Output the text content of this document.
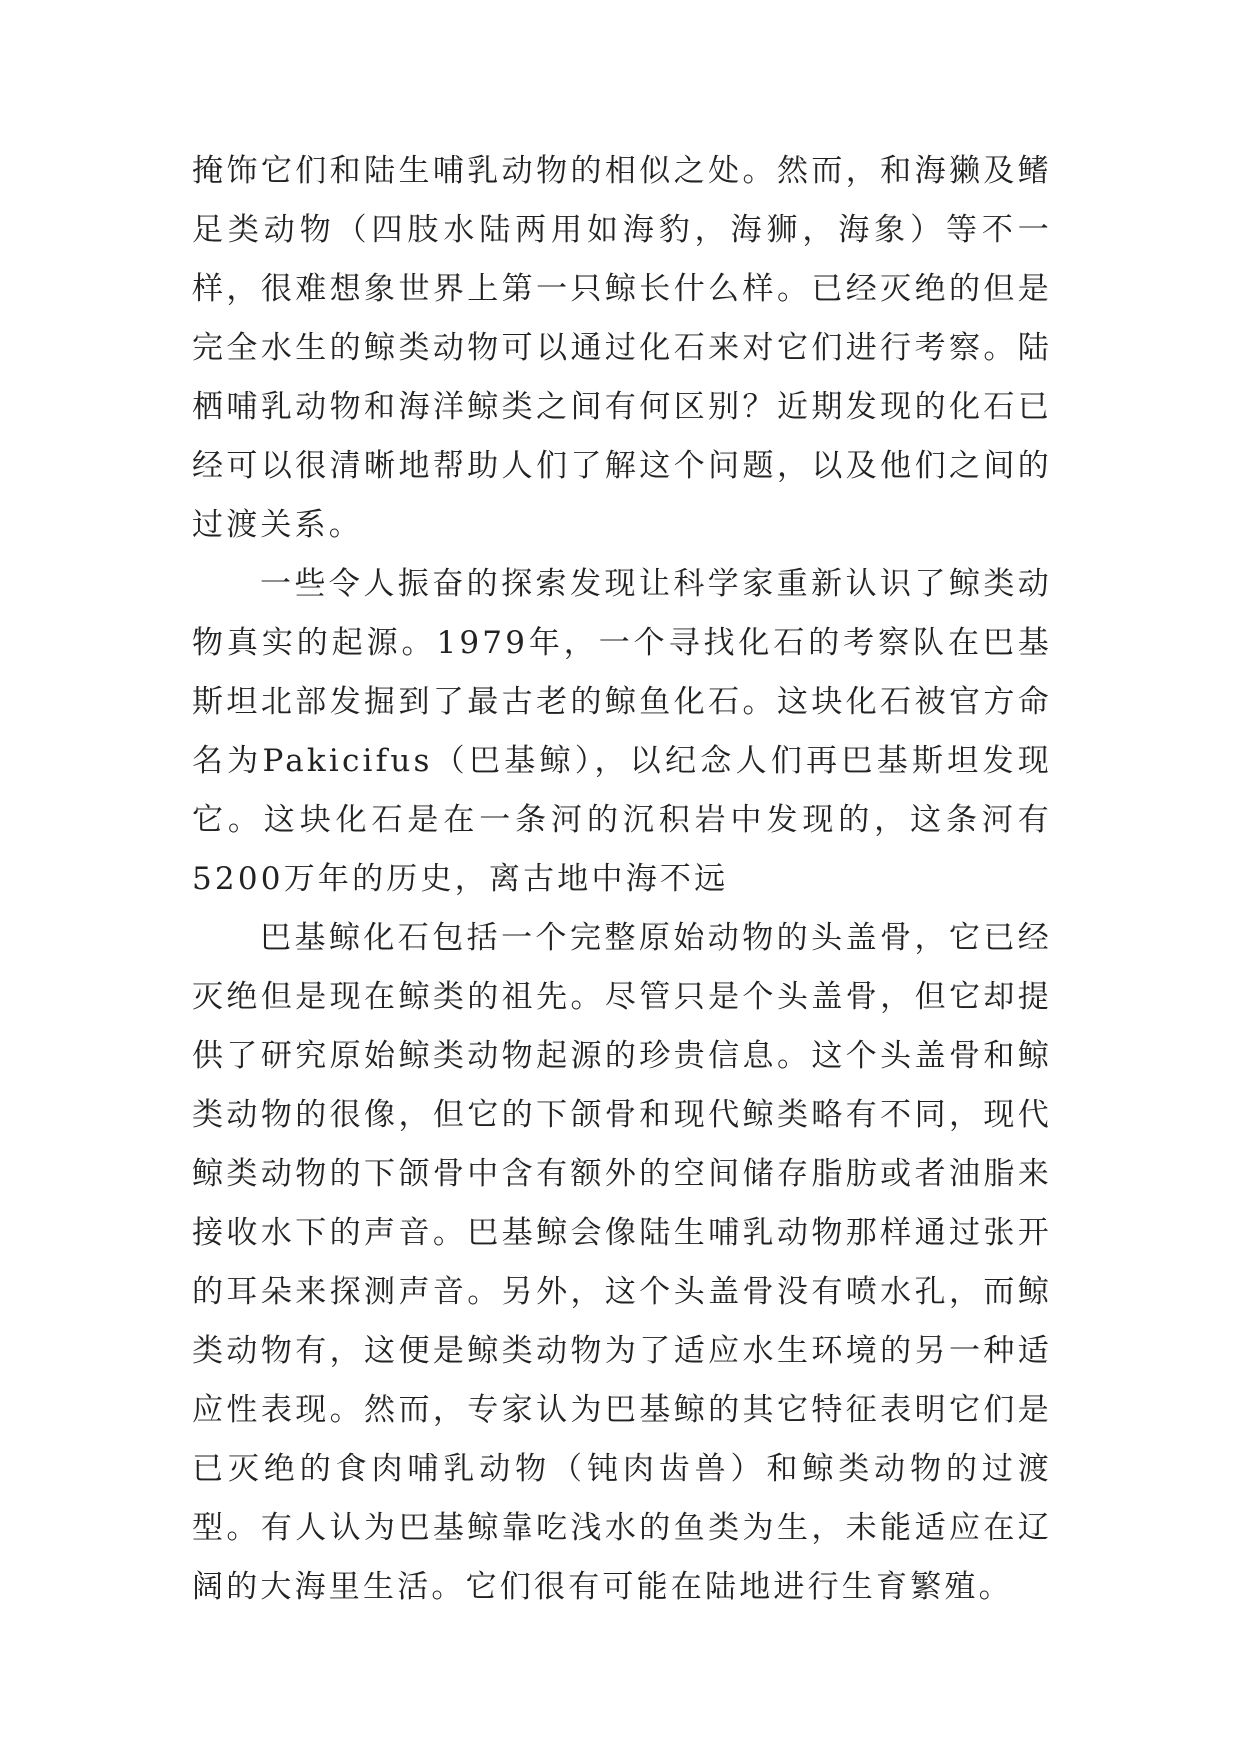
掩饰它们和陆生哺乳动物的相似之处。然而，和海獭及鳍足类动物（四肢水陆两用如海豹，海狮，海象）等不一样，很难想象世界上第一只鲸长什么样。已经灭绝的但是完全水生的鲸类动物可以通过化石来对它们进行考察。陆栖哺乳动物和海洋鲸类之间有何区别？近期发现的化石已经可以很清晰地帮助人们了解这个问题，以及他们之间的过渡关系。

一些令人振奋的探索发现让科学家重新认识了鲸类动物真实的起源。1979年，一个寻找化石的考察队在巴基斯坦北部发掘到了最古老的鲸鱼化石。这块化石被官方命名为Pakicifus（巴基鲸），以纪念人们再巴基斯坦发现它。这块化石是在一条河的沉积岩中发现的，这条河有5200万年的历史，离古地中海不远

巴基鲸化石包括一个完整原始动物的头盖骨，它已经灭绝但是现在鲸类的祖先。尽管只是个头盖骨，但它却提供了研究原始鲸类动物起源的珍贵信息。这个头盖骨和鲸类动物的很像，但它的下颌骨和现代鲸类略有不同，现代鲸类动物的下颌骨中含有额外的空间储存脂肪或者油脂来接收水下的声音。巴基鲸会像陆生哺乳动物那样通过张开的耳朵来探测声音。另外，这个头盖骨没有喷水孔，而鲸类动物有，这便是鲸类动物为了适应水生环境的另一种适应性表现。然而，专家认为巴基鲸的其它特征表明它们是已灭绝的食肉哺乳动物（钝肉齿兽）和鲸类动物的过渡型。有人认为巴基鲸靠吃浅水的鱼类为生，未能适应在辽阔的大海里生活。它们很有可能在陆地进行生育繁殖。
